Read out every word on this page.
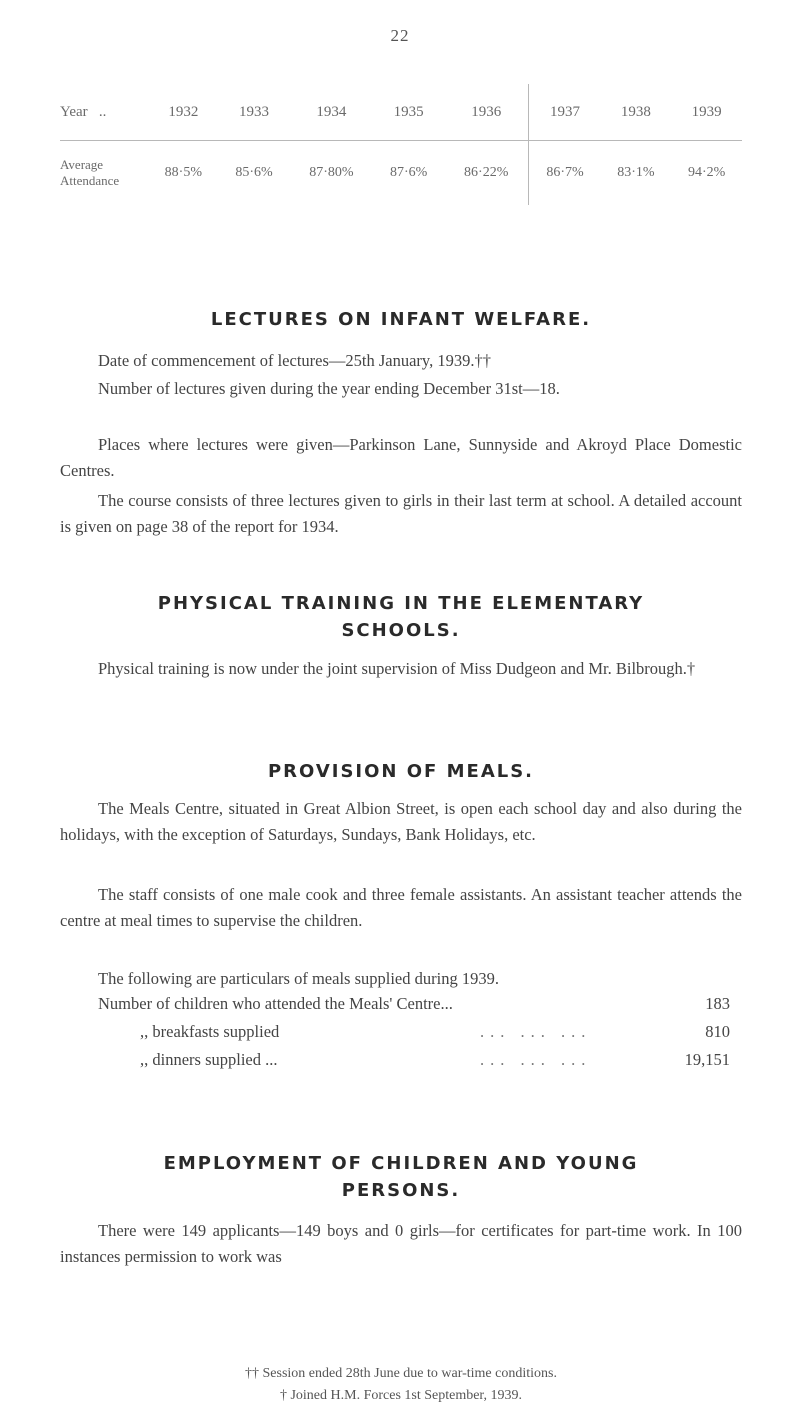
22
Year ..	1932	1933	1934	1935	1936	1937	1938	1939

Average
Attendance	88·5%	85·6%	87·80%	87·6%	86·22%	86·7%	83·1%	94·2%
LECTURES ON INFANT WELFARE.

Date of commencement of lectures—25th January, 1939.††

Number of lectures given during the year ending December 31st—18.

Places where lectures were given—Parkinson Lane, Sunnyside and Akroyd Place Domestic Centres.

The course consists of three lectures given to girls in their last term at school. A detailed account is given on page 38 of the report for 1934.

PHYSICAL TRAINING IN THE ELEMENTARY
SCHOOLS.

Physical training is now under the joint supervision of Miss Dudgeon and Mr. Bilbrough.†

PROVISION OF MEALS.

The Meals Centre, situated in Great Albion Street, is open each school day and also during the holidays, with the exception of Saturdays, Sundays, Bank Holidays, etc.

The staff consists of one male cook and three female assistants. An assistant teacher attends the centre at meal times to supervise the children.

The following are particulars of meals supplied during 1939.

Number of children who attended the Meals' Centre...	183
,, breakfasts supplied	... ... ...	810
,, dinners supplied ...	... ... ...	19,151
EMPLOYMENT OF CHILDREN AND YOUNG
PERSONS.

There were 149 applicants—149 boys and 0 girls—for certificates for part-time work. In 100 instances permission to work was

†† Session ended 28th June due to war-time conditions.
† Joined H.M. Forces 1st September, 1939.
